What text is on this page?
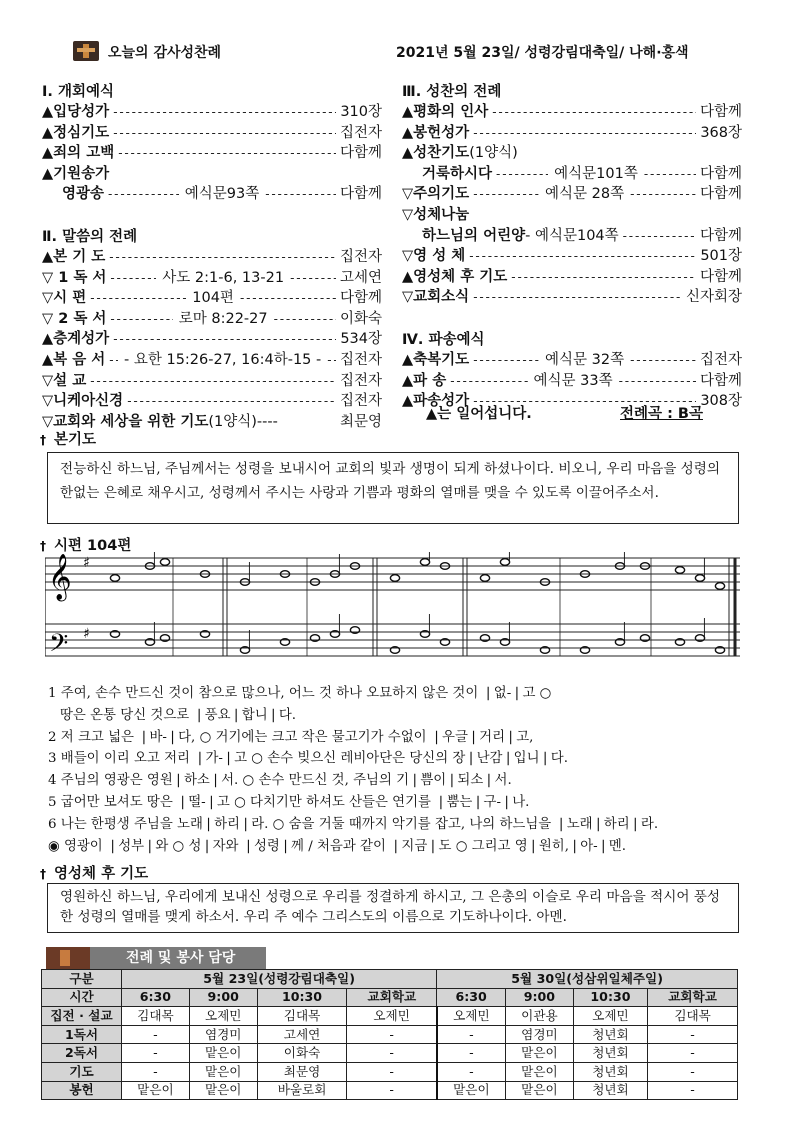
오늘의 감사성찬례	2021년 5월 23일/ 성령강림대축일/ 나해·홍색
Ⅰ. 개회예식
▲입당성가 - - -	310장
▲정심기도 - - -	집전자
▲죄의 고백 - - -	다함께
▲기원송가
영광송 - - -	예식문93쪽 - - -	다함께
Ⅱ. 말씀의 전례
▲본 기 도 - - -	집전자
▽ 1 독 서 - - -	사도 2:1-6, 13-21 - - -	고세연
▽시 편 - - -	104편 - - -	다함께
▽ 2 독 서 - - -	로마 8:22-27 - - -	이화숙
▲층계성가 - - -	534장
▲복 음 서 - - - - 요한 15:26-27, 16:4하-15 - - - - 집전자
▽설 교 - - -	집전자
▽니케아신경 - - -	집전자
▽교회와 세상을 위한 기도 (1양식)----	최문영
Ⅲ. 성찬의 전례
▲평화의 인사 - - -	다함께
▲봉헌성가 - - -	368장
▲성찬기도 (1양식)
거룩하시다 - - -	예식문101쪽 - - -	다함께
▽주의기도 - - -	예식문 28쪽 - - -	다함께
▽성체나눔
하느님의 어린양 - 예식문104쪽 - - -	다함께
▽영 성 체 - - -	501장
▲영성체 후 기도 - - -	다함께
▽교회소식 - - -	신자회장
Ⅳ. 파송예식
▲축복기도 - - -	예식문 32쪽 - - -	집전자
▲파 송 - - -	예식문 33쪽 - - -	다함께
▲파송성가 - - -	308장
▲는 일어섭니다.	전례곡 : B곡
† 본기도
전능하신 하느님, 주님께서는 성령을 보내시어 교회의 빛과 생명이 되게 하셨나이다. 비오니, 우리 마음을 성령의 한없는 은혜로 채우시고, 성령께서 주시는 사랑과 기쁨과 평화의 열매를 맺을 수 있도록 이끌어주소서.
† 시편 104편
𝄞
𝄢
♯
♯
1 주여, 손수 만드신 것이 참으로 많으나, 어느 것 하나 오묘하지 않은 것이 ❘없-❘고 ○
땅은 온통 당신 것으로 ❘풍요❘합니❘다.
2 저 크고 넓은 ❘바-❘다, ○ 거기에는 크고 작은 물고기가 수없이 ❘우글❘거리❘고,
3 배들이 이리 오고 저리 ❘가-❘고 ○ 손수 빚으신 레비아단은 당신의 장❘난감❘입니❘다.
4 주님의 영광은 영원❘하소❘서. ○ 손수 만드신 것, 주님의 기❘쁨이❘되소❘서.
5 굽어만 보셔도 땅은 ❘떨-❘고 ○ 다치기만 하셔도 산들은 연기를 ❘뿜는❘구-❘나.
6 나는 한평생 주님을 노래❘하리❘라. ○ 숨을 거둘 때까지 악기를 잡고, 나의 하느님을 ❘노래❘하리❘라.
◉ 영광이 ❘성부❘와 ○ 성❘자와 ❘성령❘께 / 처음과 같이 ❘지금❘도 ○ 그리고 영❘원히,❘아-❘멘.
† 영성체 후 기도
영원하신 하느님, 우리에게 보내신 성령으로 우리를 정결하게 하시고, 그 은총의 이슬로 우리 마음을 적시어 풍성한 성령의 열매를 맺게 하소서. 우리 주 예수 그리스도의 이름으로 기도하나이다. 아멘.
전례 및 봉사 담당
구분	5월 23일(성령강림대축일)				5월 30일(성삼위일체주일)			
시간	6:30	9:00	10:30	교회학교	6:30	9:00	10:30	교회학교
집전 · 설교	김대목	오제민	김대목	오제민	오제민	이관용	오제민	김대목
1독서	-	염경미	고세연	-	-	염경미	청년회	-
2독서	-	맡은이	이화숙	-	-	맡은이	청년회	-
기도	-	맡은이	최문영	-	-	맡은이	청년회	-
봉헌	맡은이	맡은이	바울로회	-	맡은이	맡은이	청년회	-
